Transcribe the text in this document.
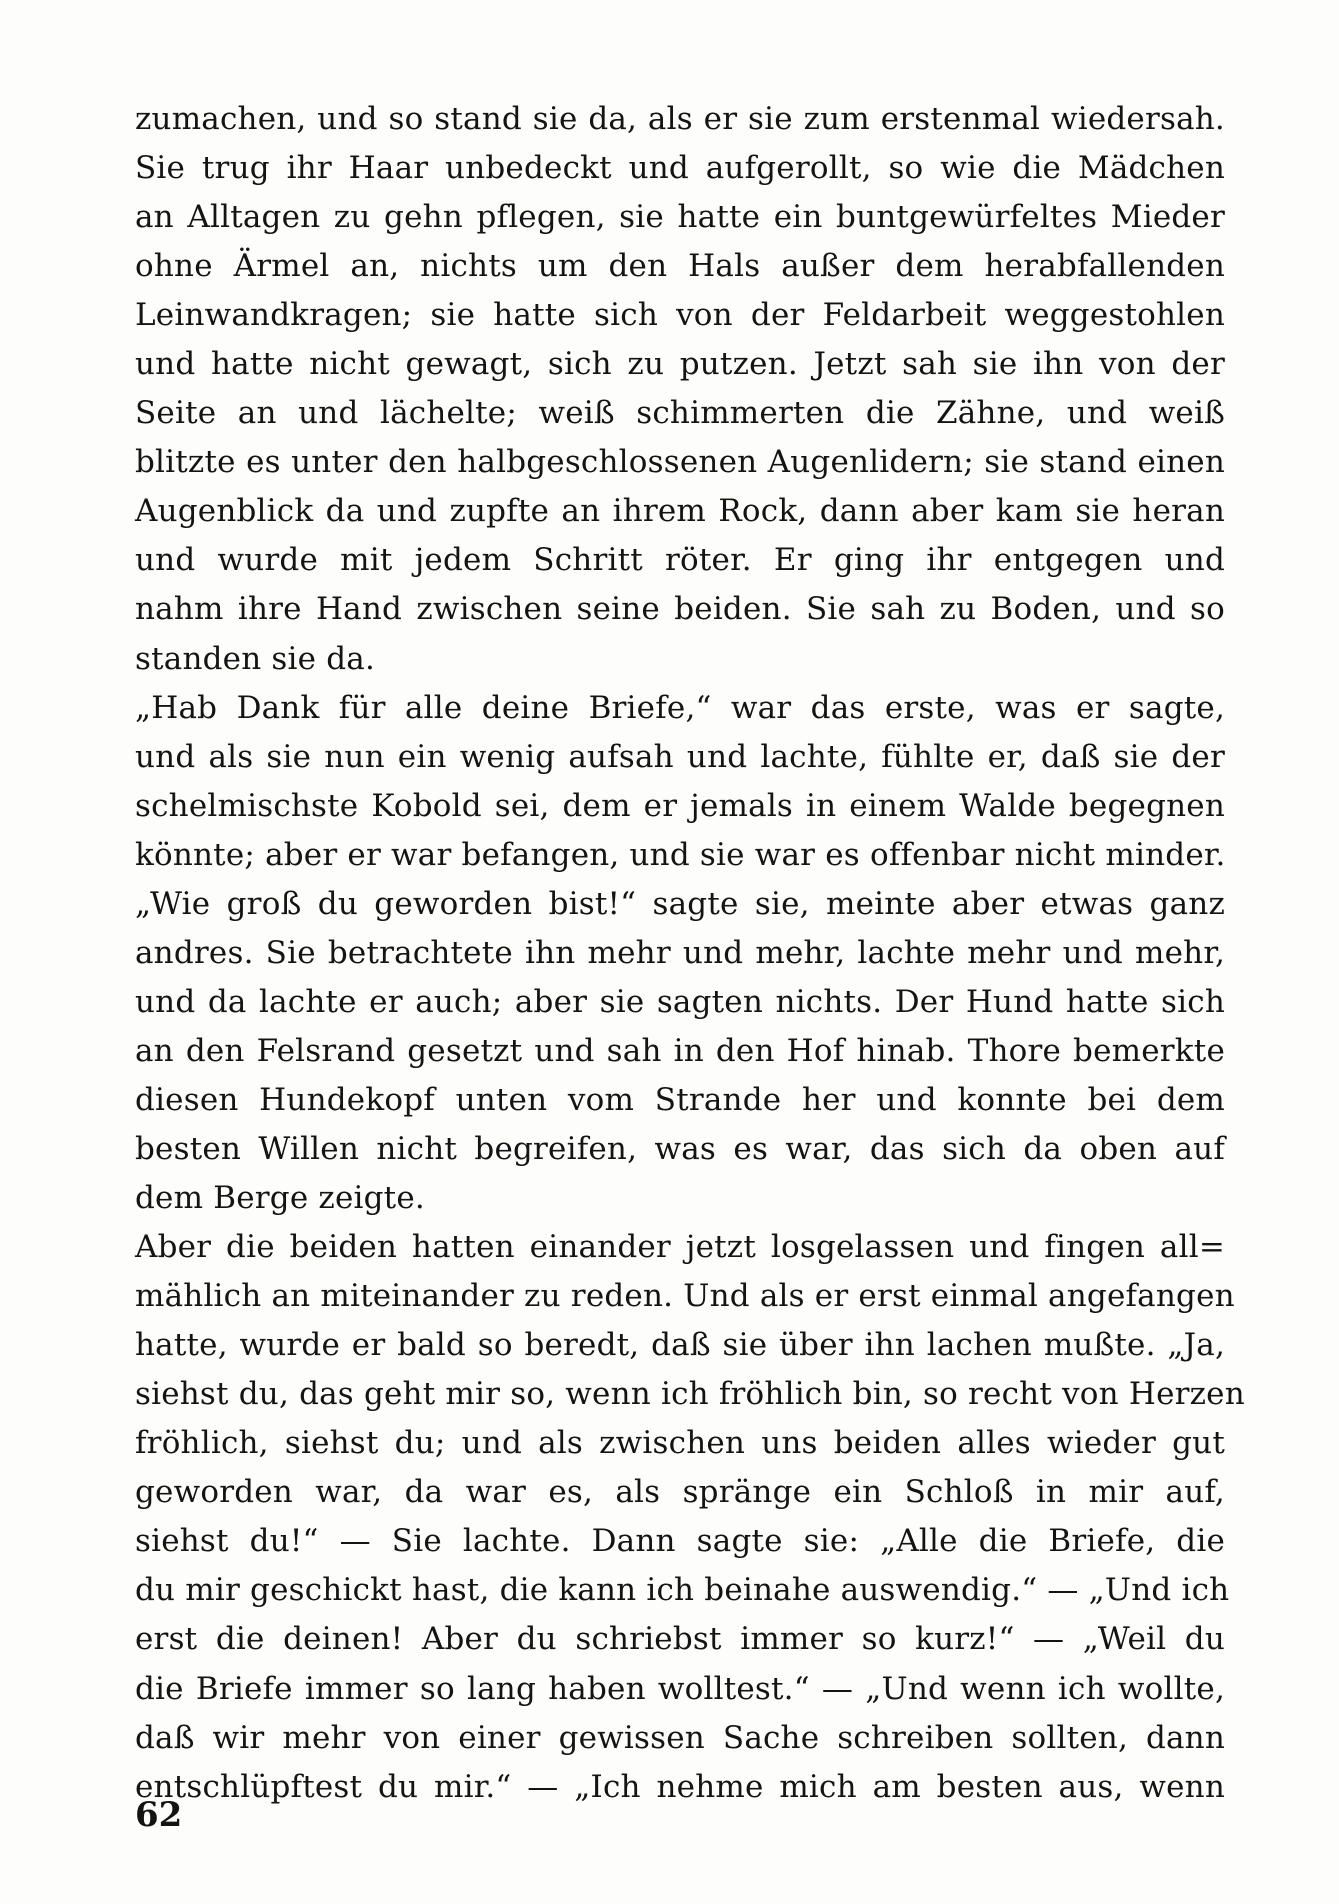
zumachen, und so stand sie da, als er sie zum erstenmal wiedersah.
Sie trug ihr Haar unbedeckt und aufgerollt, so wie die Mädchen
an Alltagen zu gehn pflegen, sie hatte ein buntgewürfeltes Mieder
ohne Ärmel an, nichts um den Hals außer dem herabfallenden
Leinwandkragen; sie hatte sich von der Feldarbeit weggestohlen
und hatte nicht gewagt, sich zu putzen. Jetzt sah sie ihn von der
Seite an und lächelte; weiß schimmerten die Zähne, und weiß
blitzte es unter den halbgeschlossenen Augenlidern; sie stand einen
Augenblick da und zupfte an ihrem Rock, dann aber kam sie heran
und wurde mit jedem Schritt röter. Er ging ihr entgegen und
nahm ihre Hand zwischen seine beiden. Sie sah zu Boden, und so
standen sie da.
„Hab Dank für alle deine Briefe,“ war das erste, was er sagte,
und als sie nun ein wenig aufsah und lachte, fühlte er, daß sie der
schelmischste Kobold sei, dem er jemals in einem Walde begegnen
könnte; aber er war befangen, und sie war es offenbar nicht minder.
„Wie groß du geworden bist!“ sagte sie, meinte aber etwas ganz
andres. Sie betrachtete ihn mehr und mehr, lachte mehr und mehr,
und da lachte er auch; aber sie sagten nichts. Der Hund hatte sich
an den Felsrand gesetzt und sah in den Hof hinab. Thore bemerkte
diesen Hundekopf unten vom Strande her und konnte bei dem
besten Willen nicht begreifen, was es war, das sich da oben auf
dem Berge zeigte.
Aber die beiden hatten einander jetzt losgelassen und fingen all=
mählich an miteinander zu reden. Und als er erst einmal angefangen
hatte, wurde er bald so beredt, daß sie über ihn lachen mußte. „Ja,
siehst du, das geht mir so, wenn ich fröhlich bin, so recht von Herzen
fröhlich, siehst du; und als zwischen uns beiden alles wieder gut
geworden war, da war es, als spränge ein Schloß in mir auf,
siehst du!“ — Sie lachte. Dann sagte sie: „Alle die Briefe, die
du mir geschickt hast, die kann ich beinahe auswendig.“ — „Und ich
erst die deinen! Aber du schriebst immer so kurz!“ — „Weil du
die Briefe immer so lang haben wolltest.“ — „Und wenn ich wollte,
daß wir mehr von einer gewissen Sache schreiben sollten, dann
entschlüpftest du mir.“ — „Ich nehme mich am besten aus, wenn
62
